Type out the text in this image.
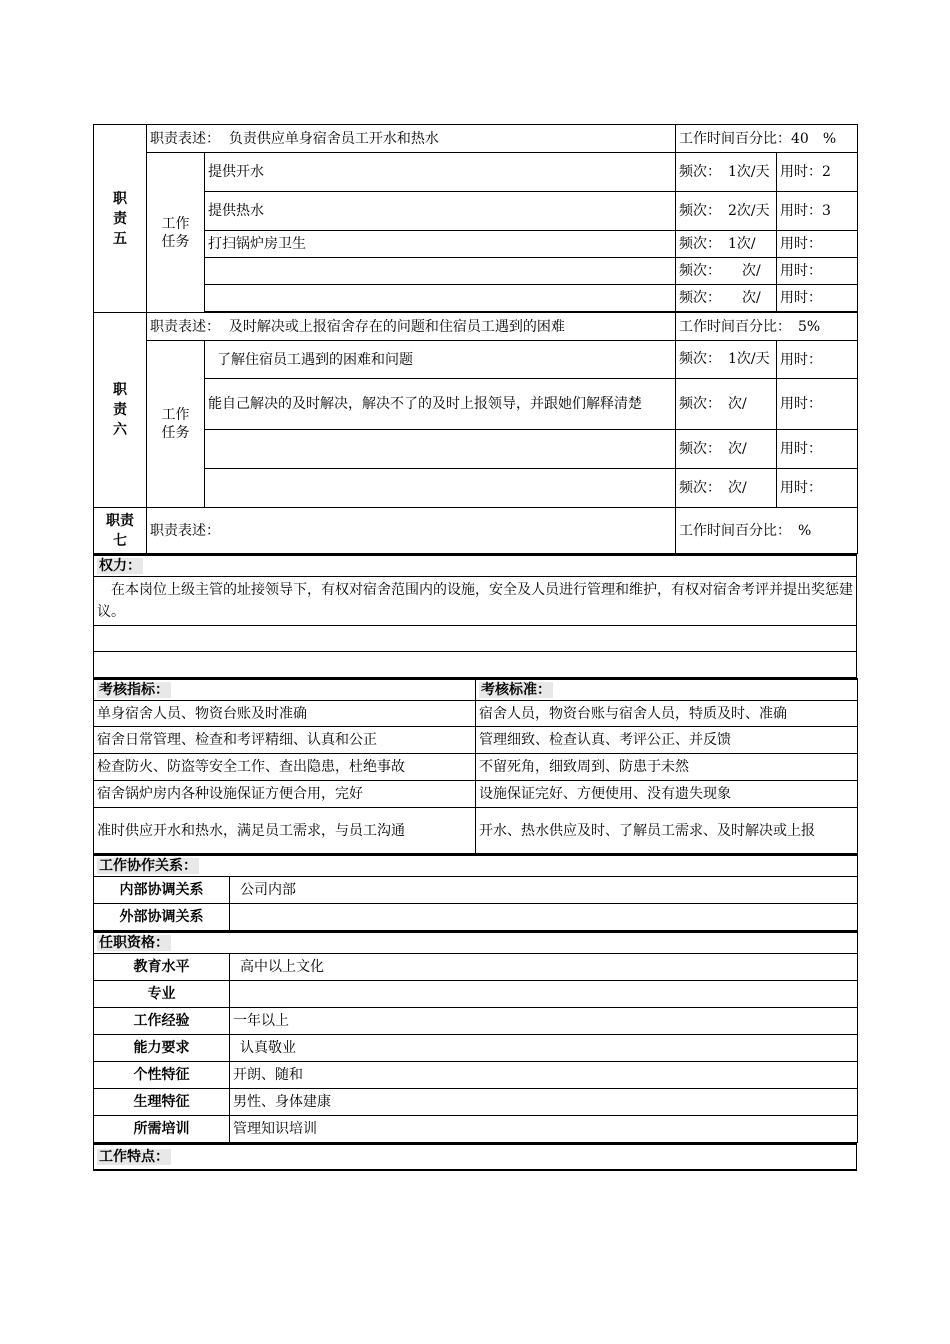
职
责
五	职责表述： 负责供应单身宿舍员工开水和热水		工作时间百分比：40　%	

	工作
任务	提供开水	频次：　1次/天	用时：2
		提供热水	频次：　2次/天	用时：3
		打扫锅炉房卫生	频次：　1次/	用时：
			频次：　　次/	用时：
			频次：　　次/	用时：

职
责
六	职责表述： 及时解决或上报宿舍存在的问题和住宿员工遇到的困难		工作时间百分比：　5%	

	工作
任务	了解住宿员工遇到的困难和问题	频次：　1次/天	用时：
		能自己解决的及时解决，解决不了的及时上报领导，并跟她们解释清楚	频次：　次/	用时：
			频次：　次/	用时：
			频次：　次/	用时：

职责
七	职责表述：		工作时间百分比：　%	
权力：
在本岗位上级主管的址接领导下，有权对宿舍范围内的设施，安全及人员进行管理和维护，有权对宿舍考评并提出奖惩建议。

考核指标：	考核标准：
单身宿舍人员、物资台账及时准确	宿舍人员，物资台账与宿舍人员，特质及时、准确
宿舍日常管理、检查和考评精细、认真和公正	管理细致、检查认真、考评公正、并反馈
检查防火、防盗等安全工作、查出隐患，杜绝事故	不留死角，细致周到、防患于未然
宿舍锅炉房内各种设施保证方便合用，完好	设施保证完好、方便使用、没有遗失现象
准时供应开水和热水，满足员工需求，与员工沟通	开水、热水供应及时、了解员工需求、及时解决或上报
工作协作关系：	
内部协调关系	公司内部
外部协调关系	
任职资格：	
教育水平	高中以上文化
专业	
工作经验	一年以上
能力要求	认真敬业
个性特征	开朗、随和
生理特征	男性、身体建康
所需培训	管理知识培训
工作特点：
